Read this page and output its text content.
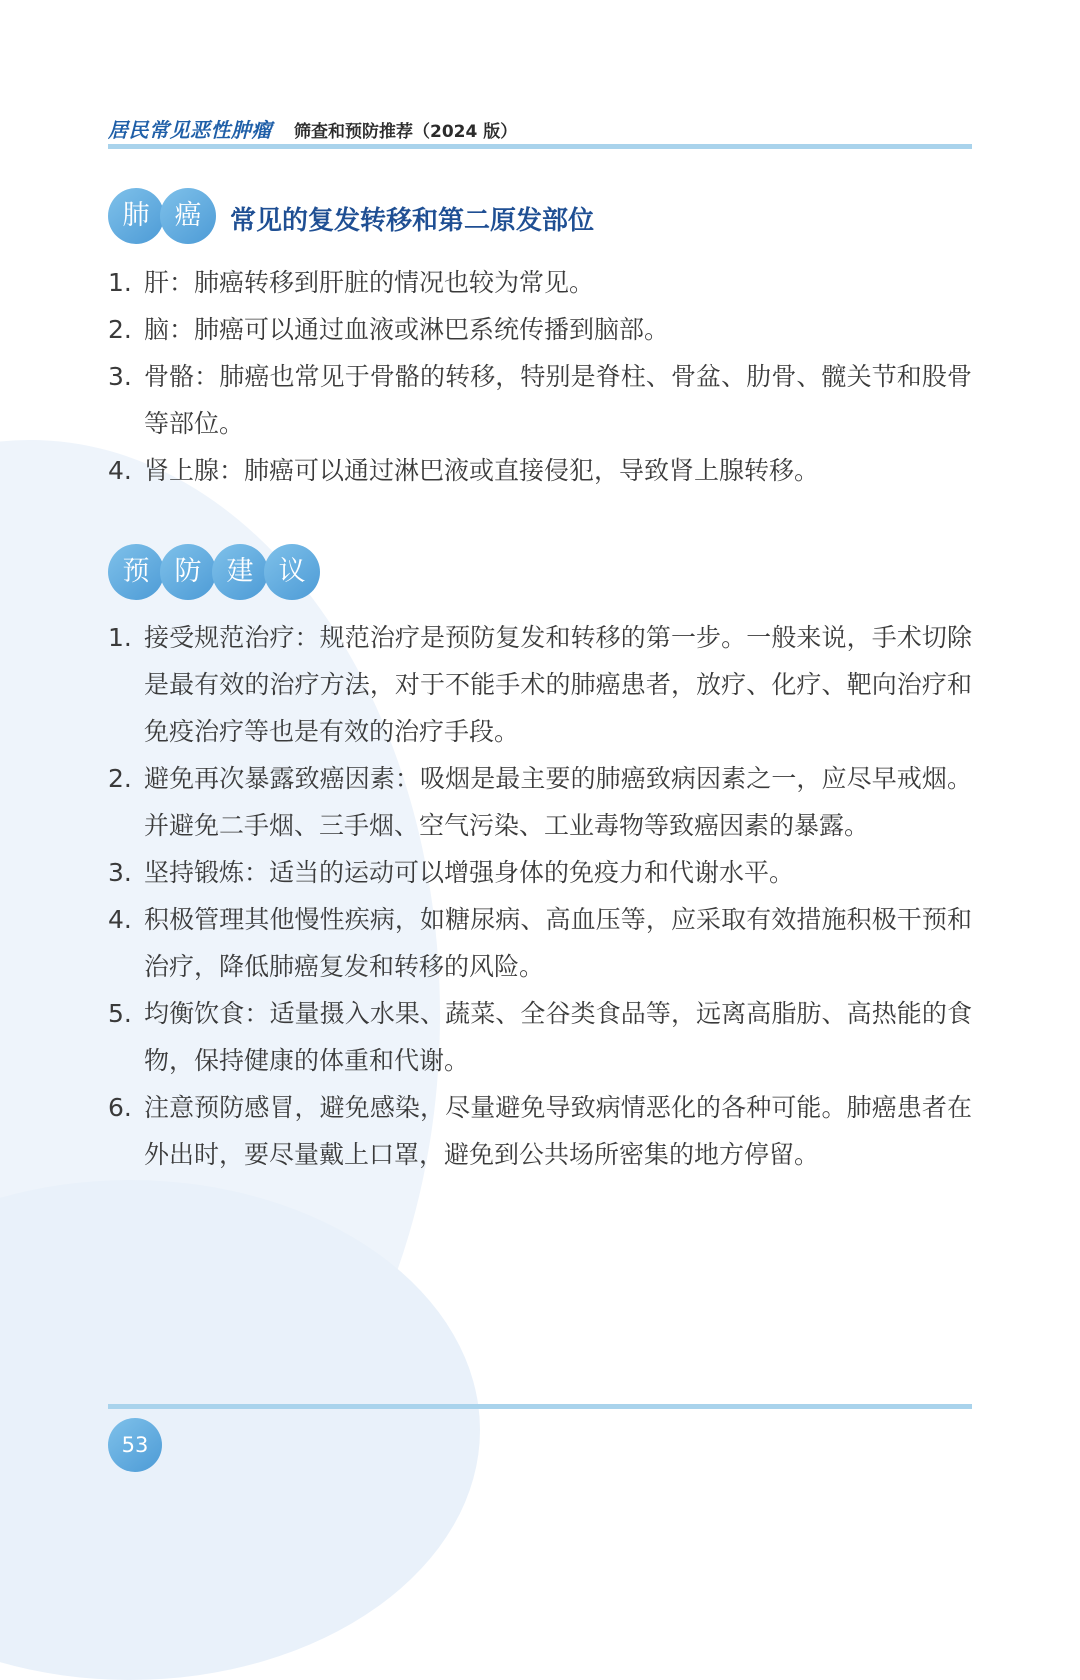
居民常见恶性肿瘤 筛查和预防推荐（2024 版）
肺 癌	常见的复发转移和第二原发部位
1. 肝：肺癌转移到肝脏的情况也较为常见。
2. 脑：肺癌可以通过血液或淋巴系统传播到脑部。
3. 骨骼：肺癌也常见于骨骼的转移，特别是脊柱、骨盆、肋骨、髋关节和股骨等部位。
4. 肾上腺：肺癌可以通过淋巴液或直接侵犯，导致肾上腺转移。
预 防 建 议
1. 接受规范治疗：规范治疗是预防复发和转移的第一步。一般来说，手术切除是最有效的治疗方法，对于不能手术的肺癌患者，放疗、化疗、靶向治疗和免疫治疗等也是有效的治疗手段。
2. 避免再次暴露致癌因素：吸烟是最主要的肺癌致病因素之一，应尽早戒烟。并避免二手烟、三手烟、空气污染、工业毒物等致癌因素的暴露。
3. 坚持锻炼：适当的运动可以增强身体的免疫力和代谢水平。
4. 积极管理其他慢性疾病，如糖尿病、高血压等，应采取有效措施积极干预和治疗，降低肺癌复发和转移的风险。
5. 均衡饮食：适量摄入水果、蔬菜、全谷类食品等，远离高脂肪、高热能的食物，保持健康的体重和代谢。
6. 注意预防感冒，避免感染，尽量避免导致病情恶化的各种可能。肺癌患者在外出时，要尽量戴上口罩，避免到公共场所密集的地方停留。
53
